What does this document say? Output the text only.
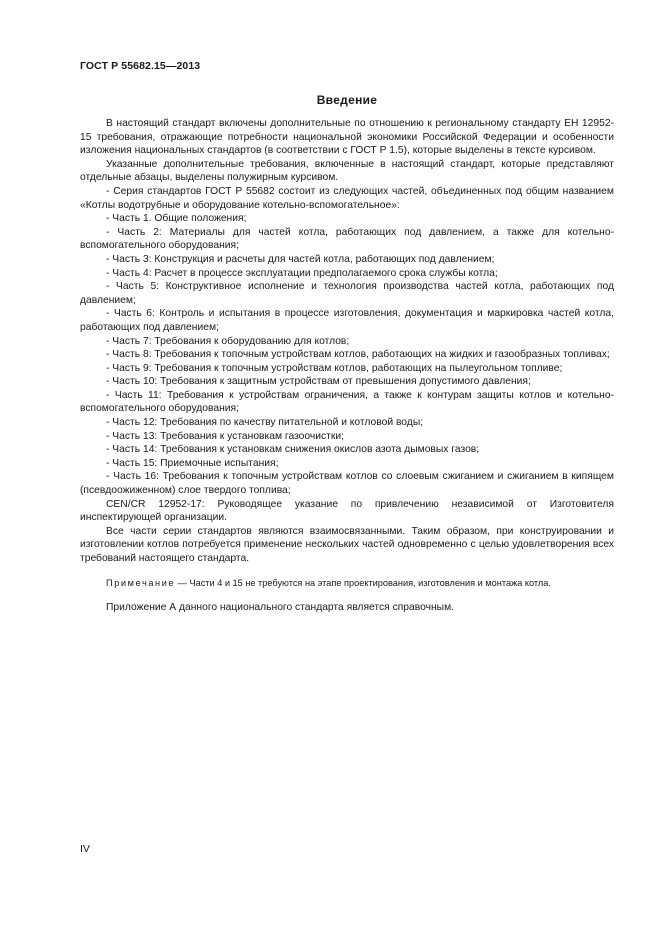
ГОСТ Р 55682.15—2013
Введение

В настоящий стандарт включены дополнительные по отношению к региональному стандарту ЕН 12952-15 требования, отражающие потребности национальной экономики Российской Федерации и особенности изложения национальных стандартов (в соответствии с ГОСТ Р 1.5), которые выделены в тексте курсивом.

Указанные дополнительные требования, включенные в настоящий стандарт, которые представляют отдельные абзацы, выделены полужирным курсивом.

- Серия стандартов ГОСТ Р 55682 состоит из следующих частей, объединенных под общим названием «Котлы водотрубные и оборудование котельно-вспомогательное»:

- Часть 1. Общие положения;

- Часть 2: Материалы для частей котла, работающих под давлением, а также для котельно-вспомогательного оборудования;

- Часть 3: Конструкция и расчеты для частей котла, работающих под давлением;

- Часть 4: Расчет в процессе эксплуатации предполагаемого срока службы котла;

- Часть 5: Конструктивное исполнение и технология производства частей котла, работающих под давлением;

- Часть 6: Контроль и испытания в процессе изготовления, документация и маркировка частей котла, работающих под давлением;

- Часть 7: Требования к оборудованию для котлов;

- Часть 8: Требования к топочным устройствам котлов, работающих на жидких и газообразных топливах;

- Часть 9: Требования к топочным устройствам котлов, работающих на пылеугольном топливе;

- Часть 10: Требования к защитным устройствам от превышения допустимого давления;

- Часть 11: Требования к устройствам ограничения, а также к контурам защиты котлов и котельно-вспомогательного оборудования;

- Часть 12: Требования по качеству питательной и котловой воды;

- Часть 13: Требования к установкам газоочистки;

- Часть 14: Требования к установкам снижения окислов азота дымовых газов;

- Часть 15: Приемочные испытания;

- Часть 16: Требования к топочным устройствам котлов со слоевым сжиганием и сжиганием в кипящем (псевдоожиженном) слое твердого топлива;

CEN/CR 12952-17: Руководящее указание по привлечению независимой от Изготовителя инспектирующей организации.

Все части серии стандартов являются взаимосвязанными. Таким образом, при конструировании и изготовлении котлов потребуется применение нескольких частей одновременно с целью удовлетворения всех требований настоящего стандарта.

Примечание — Части 4 и 15 не требуются на этапе проектирования, изготовления и монтажа котла.

Приложение А данного национального стандарта является справочным.

IV
